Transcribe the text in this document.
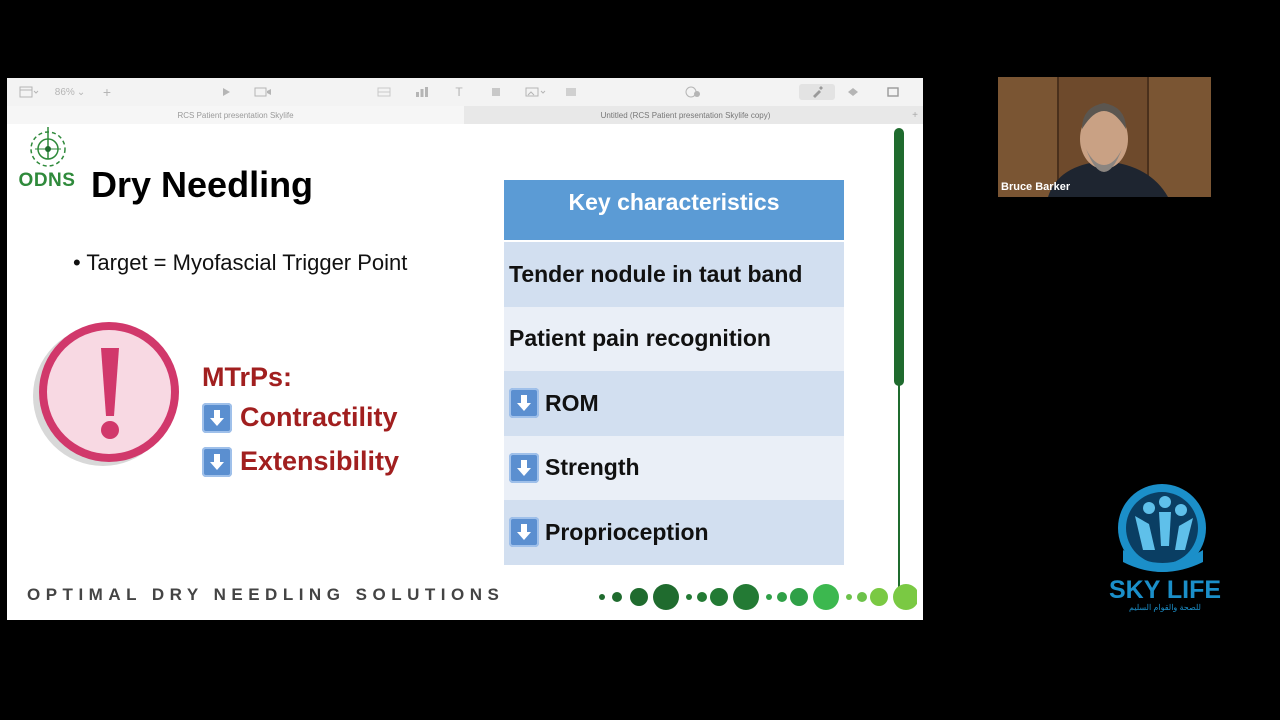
86% ⌄ +	T
RCS Patient presentation Skylife	Untitled (RCS Patient presentation Skylife copy)	+
ODNS Dry Needling
• Target = Myofascial Trigger Point
MTrPs:
Contractility
Extensibility
Key characteristics
Tender nodule in taut band
Patient pain recognition
ROM
Strength
Proprioception
OPTIMAL DRY NEEDLING SOLUTIONS
Bruce Barker
SKY LIFE
للصحة والقوام السليم
